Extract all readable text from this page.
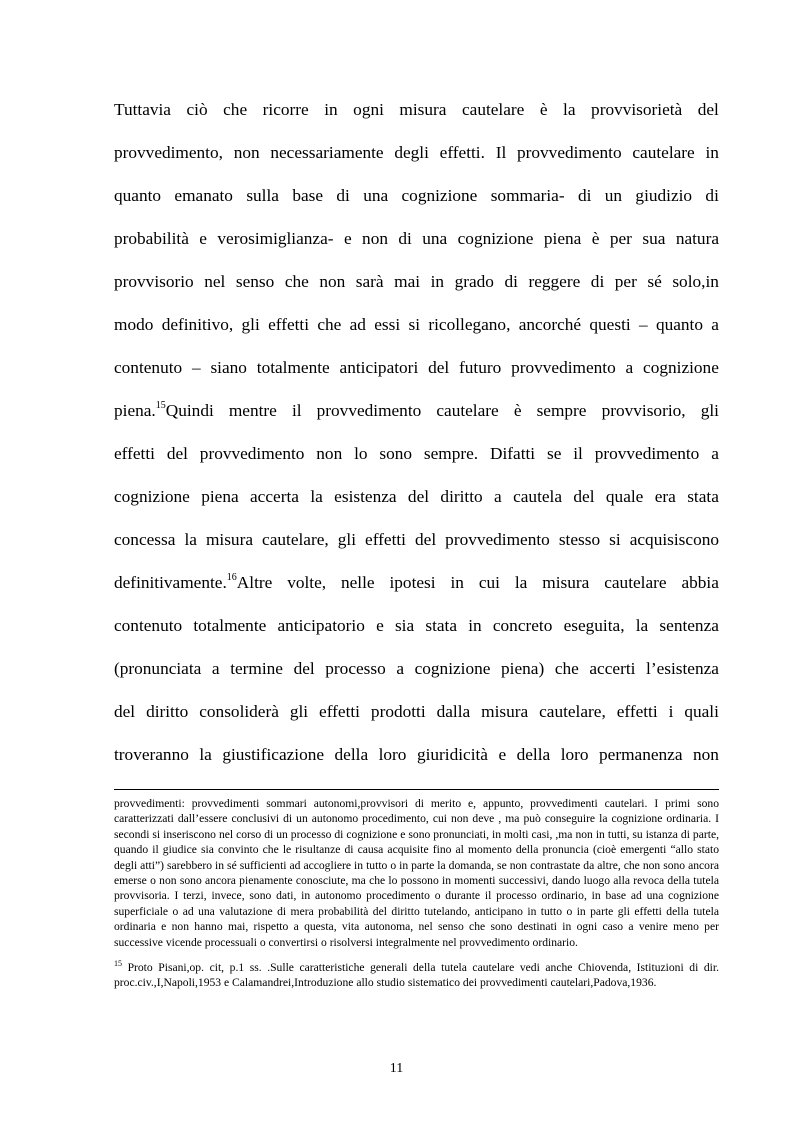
Tuttavia ciò che ricorre in ogni misura cautelare è la provvisorietà del
provvedimento, non necessariamente degli effetti. Il provvedimento cautelare in
quanto emanato sulla base di una cognizione sommaria- di un giudizio di
probabilità e verosimiglianza- e non di una cognizione piena è per sua natura
provvisorio nel senso che non sarà mai in grado di reggere di per sé solo,in
modo definitivo, gli effetti che ad essi si ricollegano, ancorché questi – quanto a
contenuto – siano totalmente anticipatori del futuro provvedimento a cognizione
piena.$^{15}$Quindi mentre il provvedimento cautelare è sempre provvisorio, gli
effetti del provvedimento non lo sono sempre. Difatti se il provvedimento a
cognizione piena accerta la esistenza del diritto a cautela del quale era stata
concessa la misura cautelare, gli effetti del provvedimento stesso si acquisiscono
definitivamente.$^{16}$Altre volte, nelle ipotesi in cui la misura cautelare abbia
contenuto totalmente anticipatorio e sia stata in concreto eseguita, la sentenza
(pronunciata a termine del processo a cognizione piena) che accerti l’esistenza
del diritto consoliderà gli effetti prodotti dalla misura cautelare, effetti i quali
troveranno la giustificazione della loro giuridicità e della loro permanenza non

provvedimenti: provvedimenti sommari autonomi,provvisori di merito e, appunto, provvedimenti cautelari. I primi sono caratterizzati dall’essere conclusivi di un autonomo procedimento, cui non deve , ma può conseguire la cognizione ordinaria. I secondi si inseriscono nel corso di un processo di cognizione e sono pronunciati, in molti casi, ,ma non in tutti, su istanza di parte, quando il giudice sia convinto che le risultanze di causa acquisite fino al momento della pronuncia (cioè emergenti “allo stato degli atti”) sarebbero in sé sufficienti ad accogliere in tutto o in parte la domanda, se non contrastate da altre, che non sono ancora emerse o non sono ancora pienamente conosciute, ma che lo possono in momenti successivi, dando luogo alla revoca della tutela provvisoria. I terzi, invece, sono dati, in autonomo procedimento o durante il processo ordinario, in base ad una cognizione superficiale o ad una valutazione di mera probabilità del diritto tutelando, anticipano in tutto o in parte gli effetti della tutela ordinaria e non hanno mai, rispetto a questa, vita autonoma, nel senso che sono destinati in ogni caso a venire meno per successive vicende processuali o convertirsi o risolversi integralmente nel provvedimento ordinario.

$^{15}$ Proto Pisani,op. cit, p.1 ss. .Sulle caratteristiche generali della tutela cautelare vedi anche Chiovenda, Istituzioni di dir. proc.civ.,I,Napoli,1953 e Calamandrei,Introduzione allo studio sistematico dei provvedimenti cautelari,Padova,1936.

11
